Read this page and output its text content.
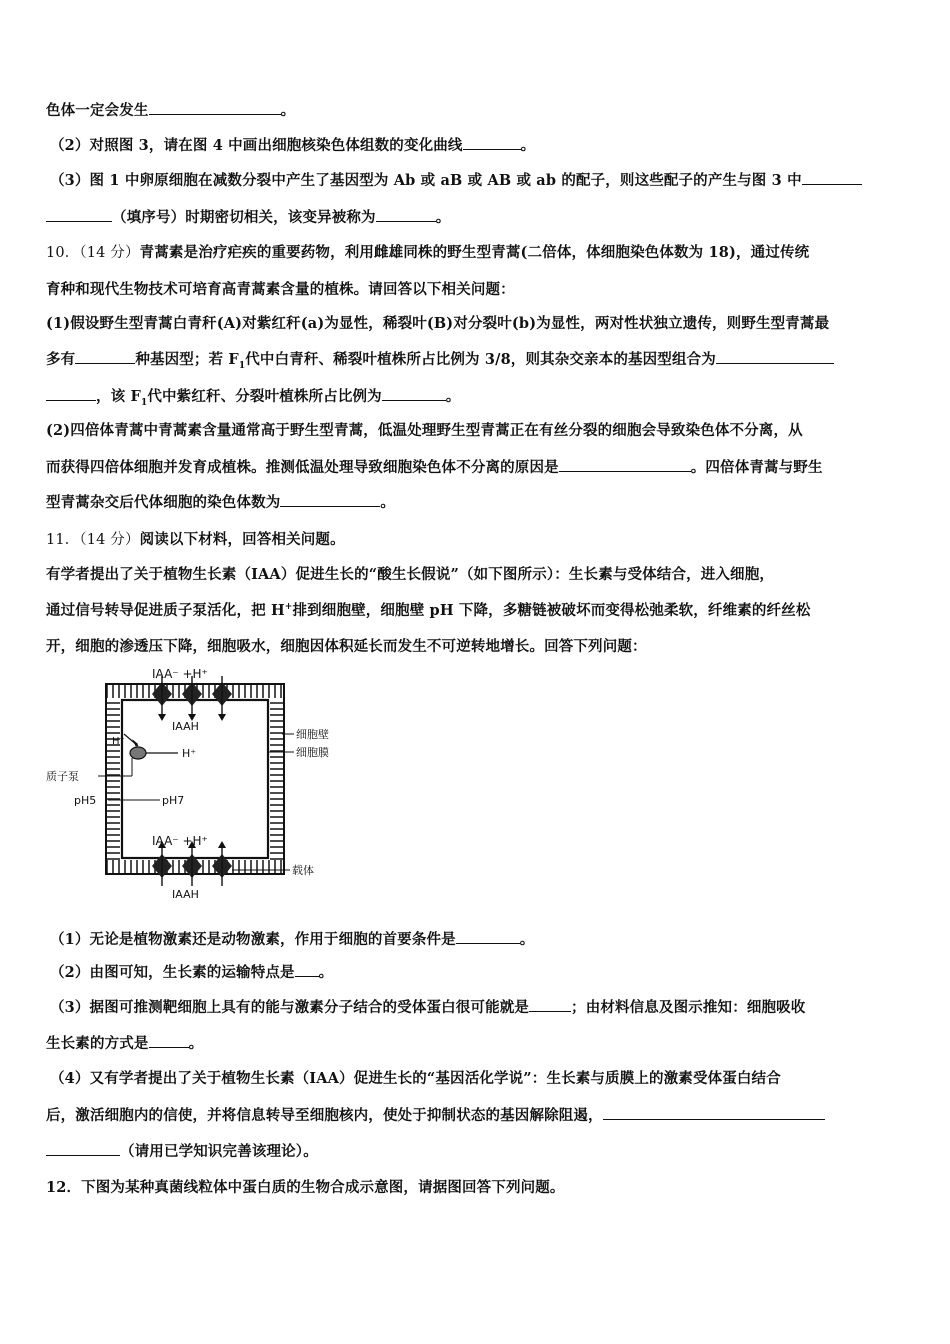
色体一定会发生	。
（2）对照图 3，请在图 4 中画出细胞核染色体组数的变化曲线	。
（3）图 1 中卵原细胞在减数分裂中产生了基因型为 Ab 或 aB 或 AB 或 ab 的配子，则这些配子的产生与图 3 中
（填序号）时期密切相关，该变异被称为	。
10．（14 分）青蒿素是治疗疟疾的重要药物，利用雌雄同株的野生型青蒿(二倍体，体细胞染色体数为 18)，通过传统
育种和现代生物技术可培育高青蒿素含量的植株。请回答以下相关问题：
(1)假设野生型青蒿白青秆(A)对紫红秆(a)为显性，稀裂叶(B)对分裂叶(b)为显性，两对性状独立遗传，则野生型青蒿最
多有	种基因型；若 $F_1$代中白青秆、稀裂叶植株所占比例为 3/8，则其杂交亲本的基因型组合为
，该 $F_1$代中紫红秆、分裂叶植株所占比例为	。
(2)四倍体青蒿中青蒿素含量通常高于野生型青蒿，低温处理野生型青蒿正在有丝分裂的细胞会导致染色体不分离，从
而获得四倍体细胞并发育成植株。推测低温处理导致细胞染色体不分离的原因是	。四倍体青蒿与野生
型青蒿杂交后代体细胞的染色体数为	。
11．（14 分）阅读以下材料，回答相关问题。
有学者提出了关于植物生长素（IAA）促进生长的“酸生长假说”（如下图所示）：生长素与受体结合，进入细胞，
通过信号转导促进质子泵活化，把 H+排到细胞壁，细胞壁 pH 下降，多糖链被破坏而变得松弛柔软，纤维素的纤丝松
开，细胞的渗透压下降，细胞吸水，细胞因体积延长而发生不可逆转地增长。回答下列问题：
IAA⁻ +H⁺
IAAH
IAA⁻ +H⁺
IAAH
H⁺
H⁺
质子泵
pH5	pH7
细胞壁
细胞膜
载体
（1）无论是植物激素还是动物激素，作用于细胞的首要条件是	。
（2）由图可知，生长素的运输特点是 。
（3）据图可推测靶细胞上具有的能与激素分子结合的受体蛋白很可能就是	；由材料信息及图示推知：细胞吸收
生长素的方式是	。
（4）又有学者提出了关于植物生长素（IAA）促进生长的“基因活化学说”：生长素与质膜上的激素受体蛋白结合
后，激活细胞内的信使，并将信息转导至细胞核内，使处于抑制状态的基因解除阻遏，
（请用已学知识完善该理论）。
12．下图为某种真菌线粒体中蛋白质的生物合成示意图，请据图回答下列问题。
